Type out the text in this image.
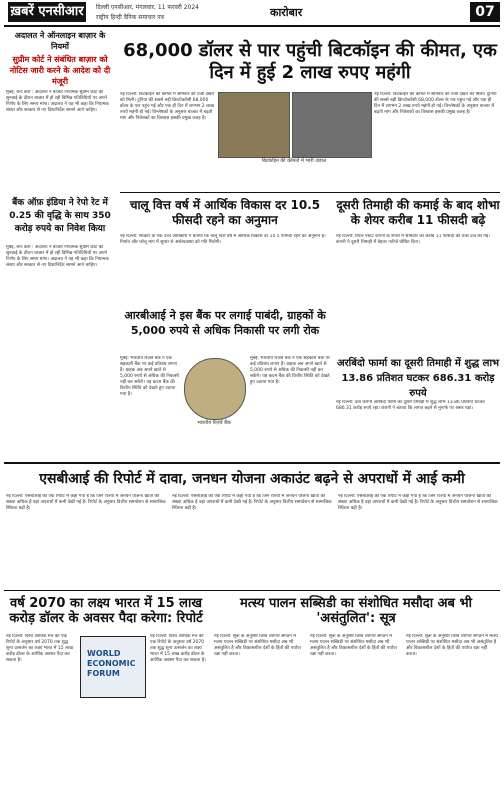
ख़बरें एनसीआर	दिल्ली एनसीआर, मंगलवार, 11 फरवरी 2024
राष्ट्रीय हिन्दी दैनिक समाचार पत्र	कारोबार	07
अदालत ने ऑनलाइन बाज़ार के नियमों
सुप्रीम कोर्ट ने संबंधित बाज़ार को नोटिस जारी करने के आदेश को दी मंजूरी
मुंबई, बर्न्ट कैश : अदालत ने बाजार नियामक सुप्रीम कोर्ट की सुनवाई के दौरान बाजार में हो रही विभिन्न गतिविधियों पर अपने निर्णय के लिए समय मांगा। अदालत ने यह भी कहा कि नियामक संस्था और सरकार से नए दिशानिर्देश सामने आने चाहिए।
बैंक ऑफ़ इंडिया ने रेपो रेट में 0.25 की वृद्धि के साथ 350 करोड़ रुपये का निवेश किया
68,000 डॉलर से पार पहुंची बिटकॉइन की कीमत, एक दिन में हुई 2 लाख रुपए महंगी
नई दिल्ली: बिटकॉइन की कीमत में सोमवार को तेजी देखने को मिली। दुनिया की सबसे बड़ी क्रिप्टोकरेंसी 68,000 डॉलर के पार पहुंच गई और एक ही दिन में लगभग 2 लाख रुपये महंगी हो गई। विश्लेषकों के अनुसार बाजार में बढ़ती मांग और निवेशकों का विश्वास इसकी प्रमुख वजह है।
बिटकॉइन की कीमतों में भारी उछाल
नई दिल्ली: बिटकॉइन की कीमत में सोमवार को तेजी देखने को मिली। दुनिया की सबसे बड़ी क्रिप्टोकरेंसी 68,000 डॉलर के पार पहुंच गई और एक ही दिन में लगभग 2 लाख रुपये महंगी हो गई। विश्लेषकों के अनुसार बाजार में बढ़ती मांग और निवेशकों का विश्वास इसकी प्रमुख वजह है।
चालू वित्त वर्ष में आर्थिक विकास दर 10.5 फीसदी रहने का अनुमान
नई दिल्ली: सरकार के एक उच्च अधिकारी ने बताया कि चालू वित्त वर्ष में आर्थिक विकास दर 10.5 फीसदी रहने का अनुमान है। निर्यात और घरेलू मांग में सुधार से अर्थव्यवस्था को गति मिलेगी।
दूसरी तिमाही की कमाई के बाद शोभा के शेयर करीब 11 फीसदी बढ़े
नई दिल्ली: रियल एस्टेट कंपनी के शेयरों में सोमवार को करीब 11 फीसदी की तेजी दर्ज की गई। कंपनी ने दूसरी तिमाही में बेहतर नतीजे घोषित किए।
आरबीआई ने इस बैंक पर लगाई पाबंदी, ग्राहकों के 5,000 रुपये से अधिक निकासी पर लगी रोक
मुंबई: भारतीय रिज़र्व बैंक ने एक सहकारी बैंक पर कई प्रतिबंध लगाए हैं। ग्राहक अब अपने खाते से 5,000 रुपये से अधिक की निकासी नहीं कर सकेंगे। यह कदम बैंक की वित्तीय स्थिति को देखते हुए उठाया गया है।
भारतीय रिज़र्व बैंक
मुंबई: भारतीय रिज़र्व बैंक ने एक सहकारी बैंक पर कई प्रतिबंध लगाए हैं। ग्राहक अब अपने खाते से 5,000 रुपये से अधिक की निकासी नहीं कर सकेंगे। यह कदम बैंक की वित्तीय स्थिति को देखते हुए उठाया गया है।
अरबिंदो फार्मा का दूसरी तिमाही में शुद्ध लाभ 13.86 प्रतिशत घटकर 686.31 करोड़ रुपये
नई दिल्ली: दवा कंपनी अरबिंदो फार्मा का दूसरी तिमाही में शुद्ध लाभ 13.86 प्रतिशत घटकर 686.31 करोड़ रुपये रहा। कंपनी ने बताया कि लागत बढ़ने से मुनाफे पर असर पड़ा।
मुंबई, बर्न्ट कैश : अदालत ने बाजार नियामक सुप्रीम कोर्ट की सुनवाई के दौरान बाजार में हो रही विभिन्न गतिविधियों पर अपने निर्णय के लिए समय मांगा। अदालत ने यह भी कहा कि नियामक संस्था और सरकार से नए दिशानिर्देश सामने आने चाहिए।
एसबीआई की रिपोर्ट में दावा, जनधन योजना अकाउंट बढ़ने से अपराधों में आई कमी
नई दिल्ली: एसबीआई की एक रिपोर्ट में कहा गया है कि जिन राज्यों में जनधन योजना खातों की संख्या अधिक है वहां अपराधों में कमी देखी गई है। रिपोर्ट के अनुसार वित्तीय समावेशन से सामाजिक स्थिरता बढ़ी है।
नई दिल्ली: एसबीआई की एक रिपोर्ट में कहा गया है कि जिन राज्यों में जनधन योजना खातों की संख्या अधिक है वहां अपराधों में कमी देखी गई है। रिपोर्ट के अनुसार वित्तीय समावेशन से सामाजिक स्थिरता बढ़ी है।
नई दिल्ली: एसबीआई की एक रिपोर्ट में कहा गया है कि जिन राज्यों में जनधन योजना खातों की संख्या अधिक है वहां अपराधों में कमी देखी गई है। रिपोर्ट के अनुसार वित्तीय समावेशन से सामाजिक स्थिरता बढ़ी है।
वर्ष 2070 का लक्ष्य भारत में 15 लाख करोड़ डॉलर के अवसर पैदा करेगा: रिपोर्ट
नई दिल्ली: विश्व आर्थिक मंच की एक रिपोर्ट के अनुसार वर्ष 2070 तक शुद्ध शून्य उत्सर्जन का लक्ष्य भारत में 15 लाख करोड़ डॉलर के आर्थिक अवसर पैदा कर सकता है।
WORLD
ECONOMIC
FORUM
नई दिल्ली: विश्व आर्थिक मंच की एक रिपोर्ट के अनुसार वर्ष 2070 तक शुद्ध शून्य उत्सर्जन का लक्ष्य भारत में 15 लाख करोड़ डॉलर के आर्थिक अवसर पैदा कर सकता है।
मत्स्य पालन सब्सिडी का संशोधित मसौदा अब भी 'असंतुलित': सूत्र
नई दिल्ली: सूत्रों के अनुसार विश्व व्यापार संगठन में मत्स्य पालन सब्सिडी पर संशोधित मसौदा अब भी असंतुलित है और विकासशील देशों के हितों की पर्याप्त रक्षा नहीं करता।
नई दिल्ली: सूत्रों के अनुसार विश्व व्यापार संगठन में मत्स्य पालन सब्सिडी पर संशोधित मसौदा अब भी असंतुलित है और विकासशील देशों के हितों की पर्याप्त रक्षा नहीं करता।
नई दिल्ली: सूत्रों के अनुसार विश्व व्यापार संगठन में मत्स्य पालन सब्सिडी पर संशोधित मसौदा अब भी असंतुलित है और विकासशील देशों के हितों की पर्याप्त रक्षा नहीं करता।
